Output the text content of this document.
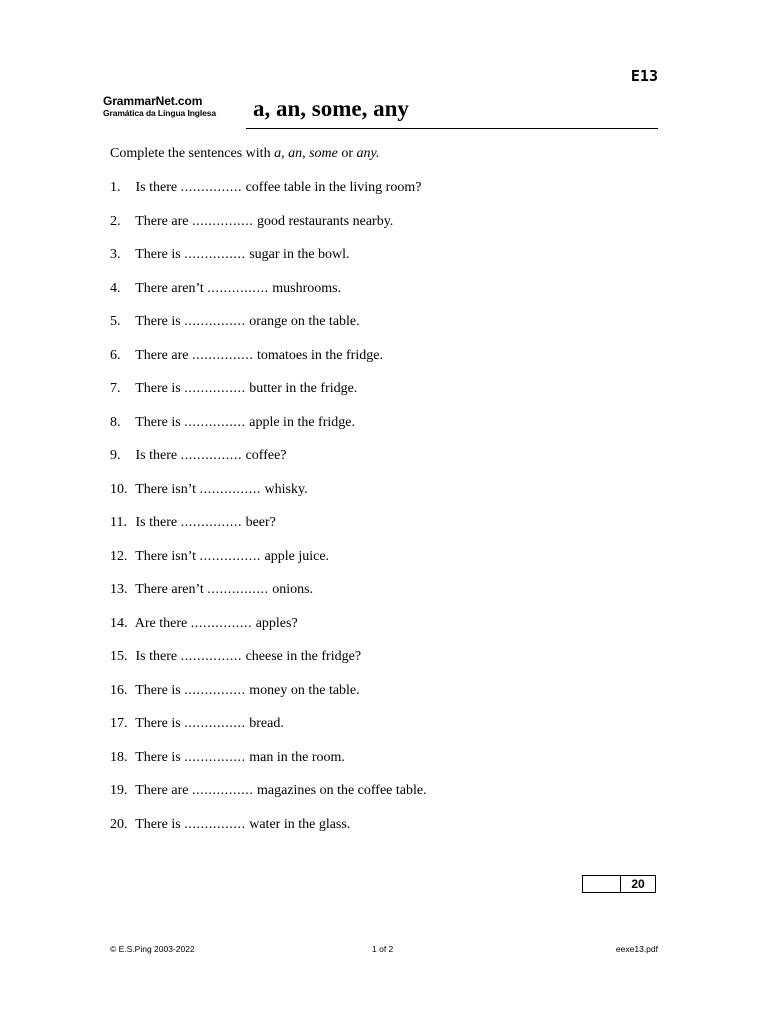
E13
GrammarNet.com
Gramática da Língua Inglesa a, an, some, any
Complete the sentences with a, an, some or any.
1. Is there ............... coffee table in the living room?
2. There are ............... good restaurants nearby.
3. There is ............... sugar in the bowl.
4. There aren’t ............... mushrooms.
5. There is ............... orange on the table.
6. There are ............... tomatoes in the fridge.
7. There is ............... butter in the fridge.
8. There is ............... apple in the fridge.
9. Is there ............... coffee?
10. There isn’t ............... whisky.
11. Is there ............... beer?
12. There isn’t ............... apple juice.
13. There aren’t ............... onions.
14. Are there ............... apples?
15. Is there ............... cheese in the fridge?
16. There is ............... money on the table.
17. There is ............... bread.
18. There is ............... man in the room.
19. There are ............... magazines on the coffee table.
20. There is ............... water in the glass.
20
© E.S.Ping 2003-2022	1 of 2	eexe13.pdf
